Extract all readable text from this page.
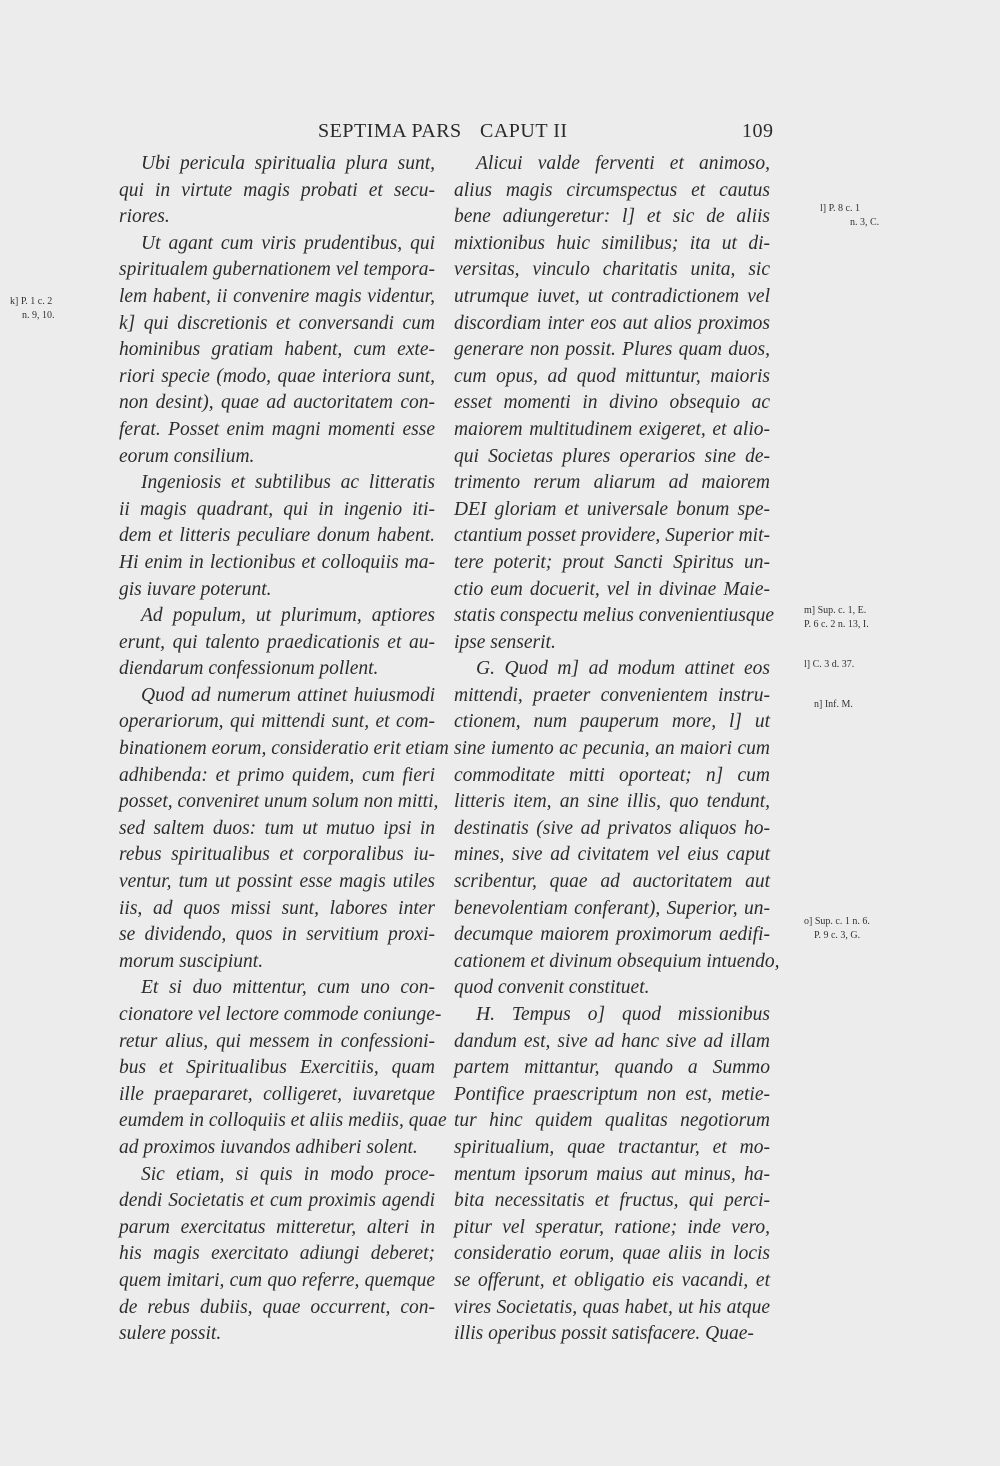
SEPTIMA PARS CAPUT II	109

Ubi pericula spiritualia plura sunt,
qui in virtute magis probati et secu-
riores.

Ut agant cum viris prudentibus, qui
spiritualem gubernationem vel tempora-
lem habent, ii convenire magis videntur,
k] qui discretionis et conversandi cum
hominibus gratiam habent, cum exte-
riori specie (modo, quae interiora sunt,
non desint), quae ad auctoritatem con-
ferat. Posset enim magni momenti esse
eorum consilium.

Ingeniosis et subtilibus ac litteratis
ii magis quadrant, qui in ingenio iti-
dem et litteris peculiare donum habent.
Hi enim in lectionibus et colloquiis ma-
gis iuvare poterunt.

Ad populum, ut plurimum, aptiores
erunt, qui talento praedicationis et au-
diendarum confessionum pollent.

Quod ad numerum attinet huiusmodi
operariorum, qui mittendi sunt, et com-
binationem eorum, consideratio erit etiam
adhibenda: et primo quidem, cum fieri
posset, conveniret unum solum non mitti,
sed saltem duos: tum ut mutuo ipsi in
rebus spiritualibus et corporalibus iu-
ventur, tum ut possint esse magis utiles
iis, ad quos missi sunt, labores inter
se dividendo, quos in servitium proxi-
morum suscipiunt.

Et si duo mittentur, cum uno con-
cionatore vel lectore commode coniunge-
retur alius, qui messem in confessioni-
bus et Spiritualibus Exercitiis, quam
ille praepararet, colligeret, iuvaretque
eumdem in colloquiis et aliis mediis, quae
ad proximos iuvandos adhiberi solent.

Sic etiam, si quis in modo proce-
dendi Societatis et cum proximis agendi
parum exercitatus mitteretur, alteri in
his magis exercitato adiungi deberet;
quem imitari, cum quo referre, quemque
de rebus dubiis, quae occurrent, con-
sulere possit.

Alicui valde ferventi et animoso,
alius magis circumspectus et cautus
bene adiungeretur: l] et sic de aliis
mixtionibus huic similibus; ita ut di-
versitas, vinculo charitatis unita, sic
utrumque iuvet, ut contradictionem vel
discordiam inter eos aut alios proximos
generare non possit. Plures quam duos,
cum opus, ad quod mittuntur, maioris
esset momenti in divino obsequio ac
maiorem multitudinem exigeret, et alio-
qui Societas plures operarios sine de-
trimento rerum aliarum ad maiorem
DEI gloriam et universale bonum spe-
ctantium posset providere, Superior mit-
tere poterit; prout Sancti Spiritus un-
ctio eum docuerit, vel in divinae Maie-
statis conspectu melius convenientiusque
ipse senserit.

G. Quod m] ad modum attinet eos
mittendi, praeter convenientem instru-
ctionem, num pauperum more, l] ut
sine iumento ac pecunia, an maiori cum
commoditate mitti oporteat; n] cum
litteris item, an sine illis, quo tendunt,
destinatis (sive ad privatos aliquos ho-
mines, sive ad civitatem vel eius caput
scribentur, quae ad auctoritatem aut
benevolentiam conferant), Superior, un-
decumque maiorem proximorum aedifi-
cationem et divinum obsequium intuendo,
quod convenit constituet.

H. Tempus o] quod missionibus
dandum est, sive ad hanc sive ad illam
partem mittantur, quando a Summo
Pontifice praescriptum non est, metie-
tur hinc quidem qualitas negotiorum
spiritualium, quae tractantur, et mo-
mentum ipsorum maius aut minus, ha-
bita necessitatis et fructus, qui perci-
pitur vel speratur, ratione; inde vero,
consideratio eorum, quae aliis in locis
se offerunt, et obligatio eis vacandi, et
vires Societatis, quas habet, ut his atque
illis operibus possit satisfacere. Quae-

k] P. 1 c. 2
n. 9, 10.
l] P. 8 c. 1
n. 3, C.
m] Sup. c. 1, E.
P. 6 c. 2 n. 13, I.
l] C. 3 d. 37.
n] Inf. M.
o] Sup. c. 1 n. 6.
P. 9 c. 3, G.
